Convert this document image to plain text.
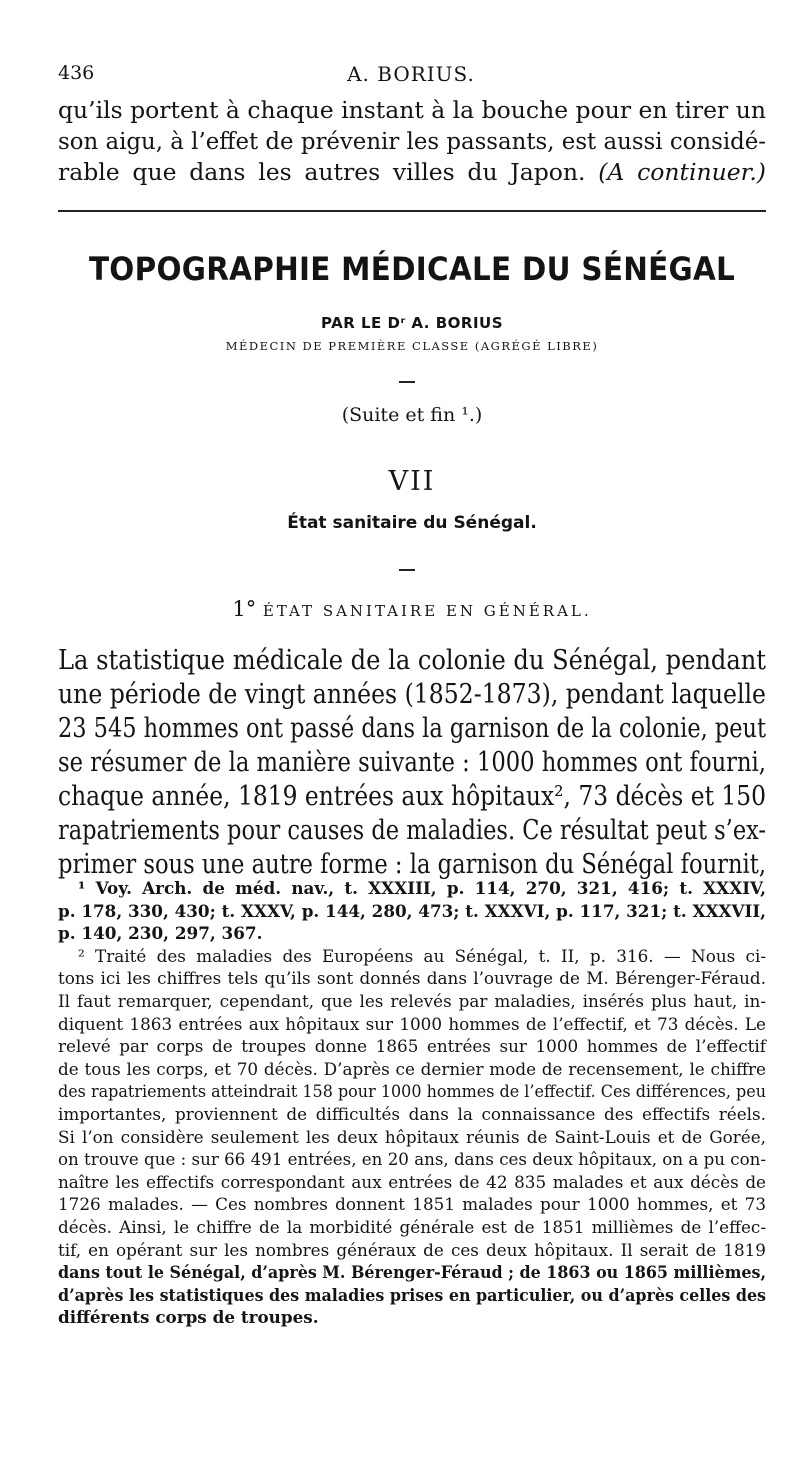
436	A. BORIUS.

qu’ils portent à chaque instant à la bouche pour en tirer un

son aigu, à l’effet de prévenir les passants, est aussi considé-

rable que dans les autres villes du Japon. (A continuer.)

TOPOGRAPHIE MÉDICALE DU SÉNÉGAL
PAR LE Dʳ A. BORIUS
MÉDECIN DE PREMIÈRE CLASSE (AGRÉGÉ LIBRE)
(Suite et fin ¹.)
VII
État sanitaire du Sénégal.
1° ÉTAT SANITAIRE EN GÉNÉRAL.
La statistique médicale de la colonie du Sénégal, pendant
une période de vingt années (1852-1873), pendant laquelle
23 545 hommes ont passé dans la garnison de la colonie, peut
se résumer de la manière suivante : 1000 hommes ont fourni,
chaque année, 1819 entrées aux hôpitaux², 73 décès et 150
rapatriements pour causes de maladies. Ce résultat peut s’ex-
primer sous une autre forme : la garnison du Sénégal fournit,
¹ Voy. Arch. de méd. nav., t. XXXIII, p. 114, 270, 321, 416; t. XXXIV,
p. 178, 330, 430; t. XXXV, p. 144, 280, 473; t. XXXVI, p. 117, 321; t. XXXVII,
p. 140, 230, 297, 367.
² Traité des maladies des Européens au Sénégal, t. II, p. 316. — Nous ci-
tons ici les chiffres tels qu’ils sont donnés dans l’ouvrage de M. Bérenger-Féraud.
Il faut remarquer, cependant, que les relevés par maladies, insérés plus haut, in-
diquent 1863 entrées aux hôpitaux sur 1000 hommes de l’effectif, et 73 décès. Le
relevé par corps de troupes donne 1865 entrées sur 1000 hommes de l’effectif
de tous les corps, et 70 décès. D’après ce dernier mode de recensement, le chiffre
des rapatriements atteindrait 158 pour 1000 hommes de l’effectif. Ces différences, peu
importantes, proviennent de difficultés dans la connaissance des effectifs réels.
Si l’on considère seulement les deux hôpitaux réunis de Saint-Louis et de Gorée,
on trouve que : sur 66 491 entrées, en 20 ans, dans ces deux hôpitaux, on a pu con-
naître les effectifs correspondant aux entrées de 42 835 malades et aux décès de
1726 malades. — Ces nombres donnent 1851 malades pour 1000 hommes, et 73
décès. Ainsi, le chiffre de la morbidité générale est de 1851 millièmes de l’effec-
tif, en opérant sur les nombres généraux de ces deux hôpitaux. Il serait de 1819
dans tout le Sénégal, d’après M. Bérenger-Féraud ; de 1863 ou 1865 millièmes,
d’après les statistiques des maladies prises en particulier, ou d’après celles des
différents corps de troupes.
